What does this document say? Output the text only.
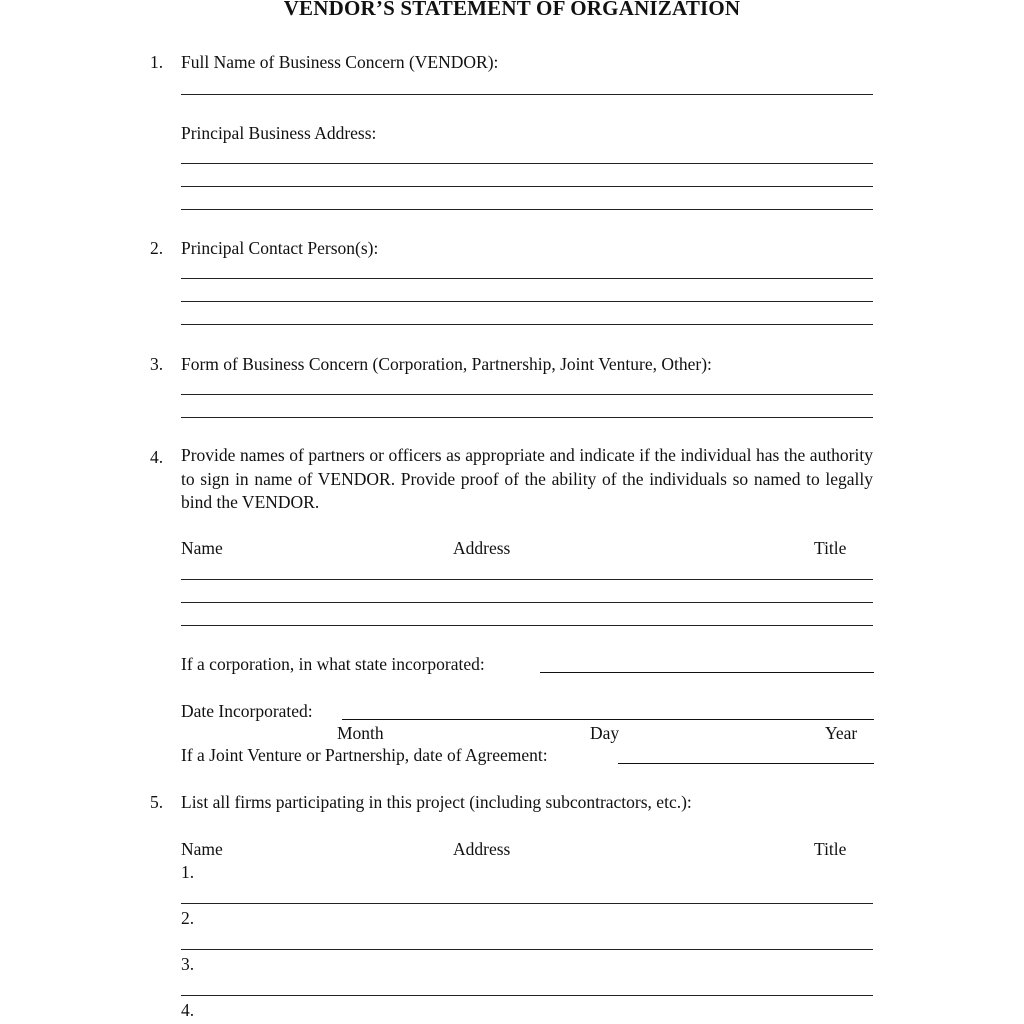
VENDOR’S STATEMENT OF ORGANIZATION
1. Full Name of Business Concern (VENDOR):
Principal Business Address:
2. Principal Contact Person(s):
3. Form of Business Concern (Corporation, Partnership, Joint Venture, Other):
4. Provide names of partners or officers as appropriate and indicate if the individual has the authority to sign in name of VENDOR. Provide proof of the ability of the individuals so named to legally bind the VENDOR.
Name	Address	Title
If a corporation, in what state incorporated:
Date Incorporated:
Month	Day	Year
If a Joint Venture or Partnership, date of Agreement:
5. List all firms participating in this project (including subcontractors, etc.):
Name	Address	Title
1.
2.
3.
4.
